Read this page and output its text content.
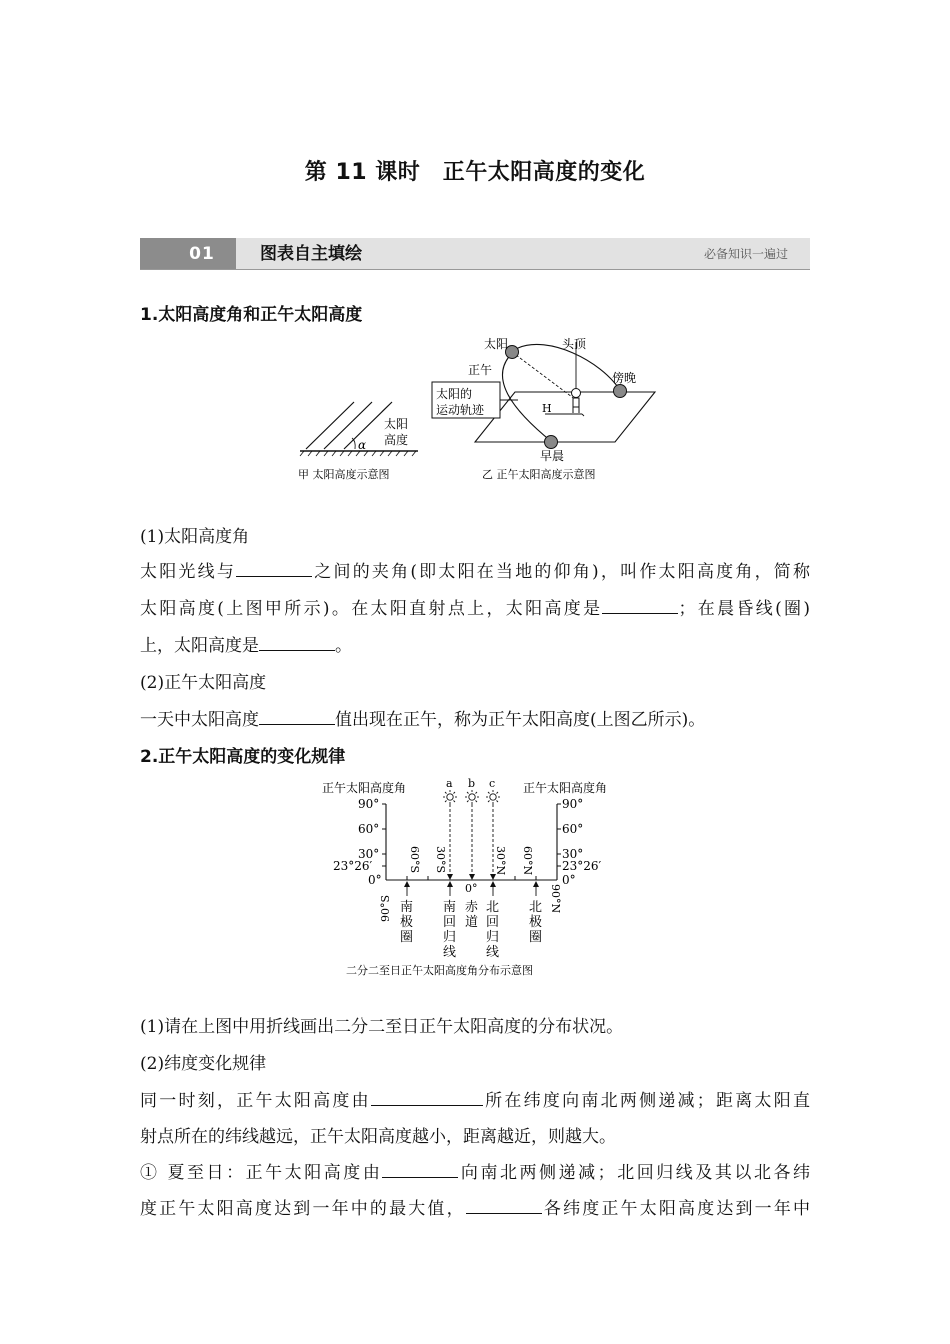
第 11 课时　正午太阳高度的变化
01	图表自主填绘	必备知识一遍过
1.太阳高度角和正午太阳高度
α
太阳
高度
甲 太阳高度示意图
太阳的
运动轨迹
太阳	头顶
正午
傍晚
H
早晨
乙 正午太阳高度示意图
(1)太阳高度角
太阳光线与	之间的夹角(即太阳在当地的仰角)，叫作太阳高度角，简称
太阳高度(上图甲所示)。在太阳直射点上，太阳高度是	；在晨昏线(圈)
上，太阳高度是	。
(2)正午太阳高度
一天中太阳高度	值出现在正午，称为正午太阳高度(上图乙所示)。
2.正午太阳高度的变化规律
正午太阳高度角	正午太阳高度角
90°
60°
30°
23°26′
0°
90°
60°
30°
23°26′
0°
a b c
60°S 30°S	30°N 60°N
90°S	90°N
0°
南
极
圈
南
回
归
线
赤
道
北
回
归
线
北
极
圈
二分二至日正午太阳高度角分布示意图
(1)请在上图中用折线画出二分二至日正午太阳高度的分布状况。
(2)纬度变化规律
同一时刻，正午太阳高度由	所在纬度向南北两侧递减；距离太阳直
射点所在的纬线越远，正午太阳高度越小，距离越近，则越大。
① 夏至日：正午太阳高度由	向南北两侧递减；北回归线及其以北各纬
度正午太阳高度达到一年中的最大值，	各纬度正午太阳高度达到一年中
